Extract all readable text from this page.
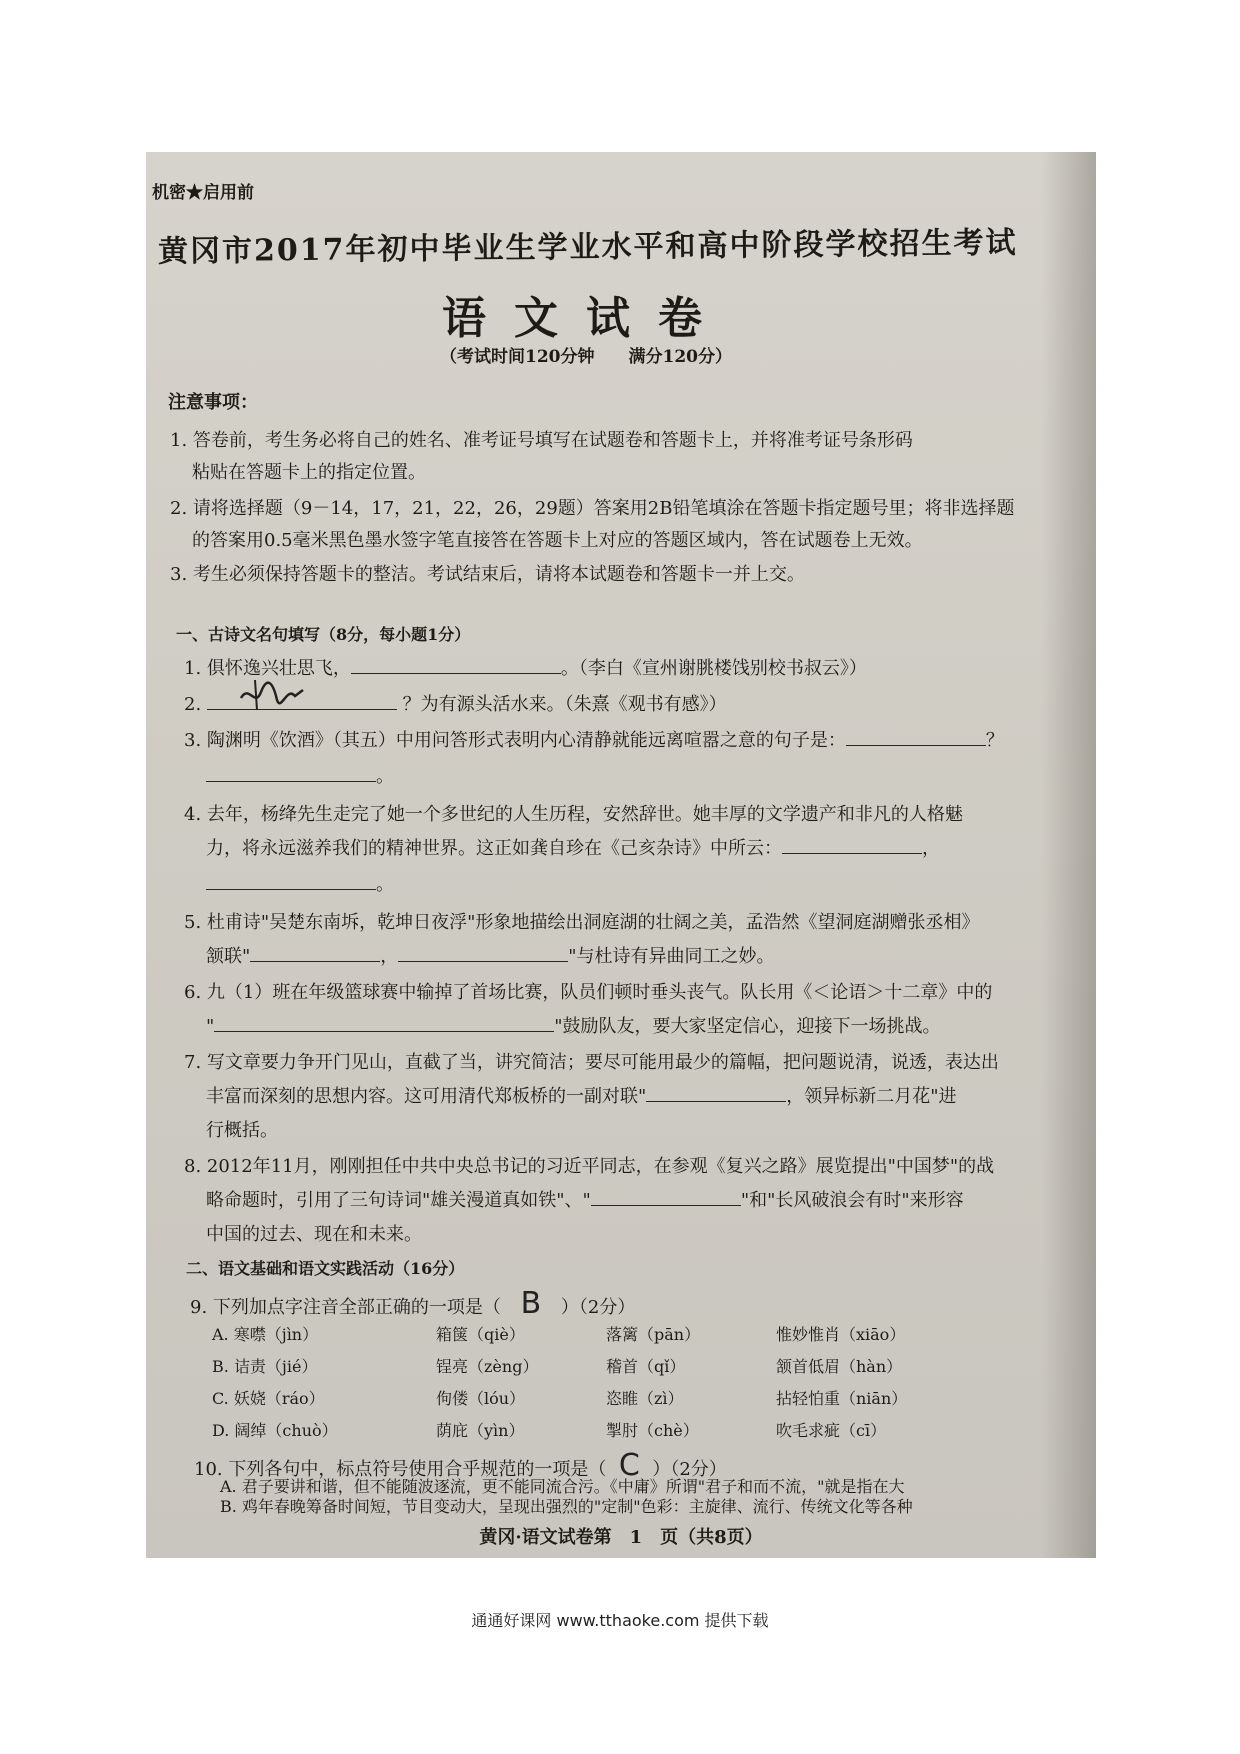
机密★启用前
黄冈市2017年初中毕业生学业水平和高中阶段学校招生考试
语文试卷
（考试时间120分钟　　满分120分）
注意事项：
1. 答卷前，考生务必将自己的姓名、准考证号填写在试题卷和答题卡上，并将准考证号条形码
粘贴在答题卡上的指定位置。
2. 请将选择题（9－14，17，21，22，26，29题）答案用2B铅笔填涂在答题卡指定题号里；将非选择题
的答案用0.5毫米黑色墨水签字笔直接答在答题卡上对应的答题区域内，答在试题卷上无效。
3. 考生必须保持答题卡的整洁。考试结束后，请将本试题卷和答题卡一并上交。
一、古诗文名句填写（8分，每小题1分）
1. 俱怀逸兴壮思飞，	。（李白《宣州谢朓楼饯别校书叔云》）
2.	？为有源头活水来。（朱熹《观书有感》）
3. 陶渊明《饮酒》（其五）中用问答形式表明内心清静就能远离喧嚣之意的句子是：	？
。
4. 去年，杨绛先生走完了她一个多世纪的人生历程，安然辞世。她丰厚的文学遗产和非凡的人格魅
力，将永远滋养我们的精神世界。这正如龚自珍在《己亥杂诗》中所云：	，
。
5. 杜甫诗"吴楚东南坼，乾坤日夜浮"形象地描绘出洞庭湖的壮阔之美，孟浩然《望洞庭湖赠张丞相》
颔联"	，	"与杜诗有异曲同工之妙。
6. 九（1）班在年级篮球赛中输掉了首场比赛，队员们顿时垂头丧气。队长用《＜论语＞十二章》中的
"	"鼓励队友，要大家坚定信心，迎接下一场挑战。
7. 写文章要力争开门见山，直截了当，讲究简洁；要尽可能用最少的篇幅，把问题说清，说透，表达出
丰富而深刻的思想内容。这可用清代郑板桥的一副对联"	，领异标新二月花"进
行概括。
8. 2012年11月，刚刚担任中共中央总书记的习近平同志，在参观《复兴之路》展览提出"中国梦"的战
略命题时，引用了三句诗词"雄关漫道真如铁"、"	"和"长风破浪会有时"来形容
中国的过去、现在和未来。
二、语文基础和语文实践活动（16分）
9. 下列加点字注音全部正确的一项是（ B ）（2分）
A. 寒噤（jìn）	箱箧（qiè）	落篱（pān）	惟妙惟肖（xiāo）
B. 诘责（jié）	锃亮（zèng）	稽首（qǐ）	颔首低眉（hàn）
C. 妖娆（ráo）	佝偻（lóu）	恣睢（zì）	拈轻怕重（niān）
D. 阔绰（chuò）	荫庇（yìn）	掣肘（chè）	吹毛求疵（cī）
10. 下列各句中，标点符号使用合乎规范的一项是（ C ）（2分）
A. 君子要讲和谐，但不能随波逐流，更不能同流合污。《中庸》所谓"君子和而不流，"就是指在大
B. 鸡年春晚筹备时间短，节目变动大，呈现出强烈的"定制"色彩：主旋律、流行、传统文化等各种
黄冈·语文试卷第　1　页（共8页）
通通好课网 www.tthaoke.com 提供下载
